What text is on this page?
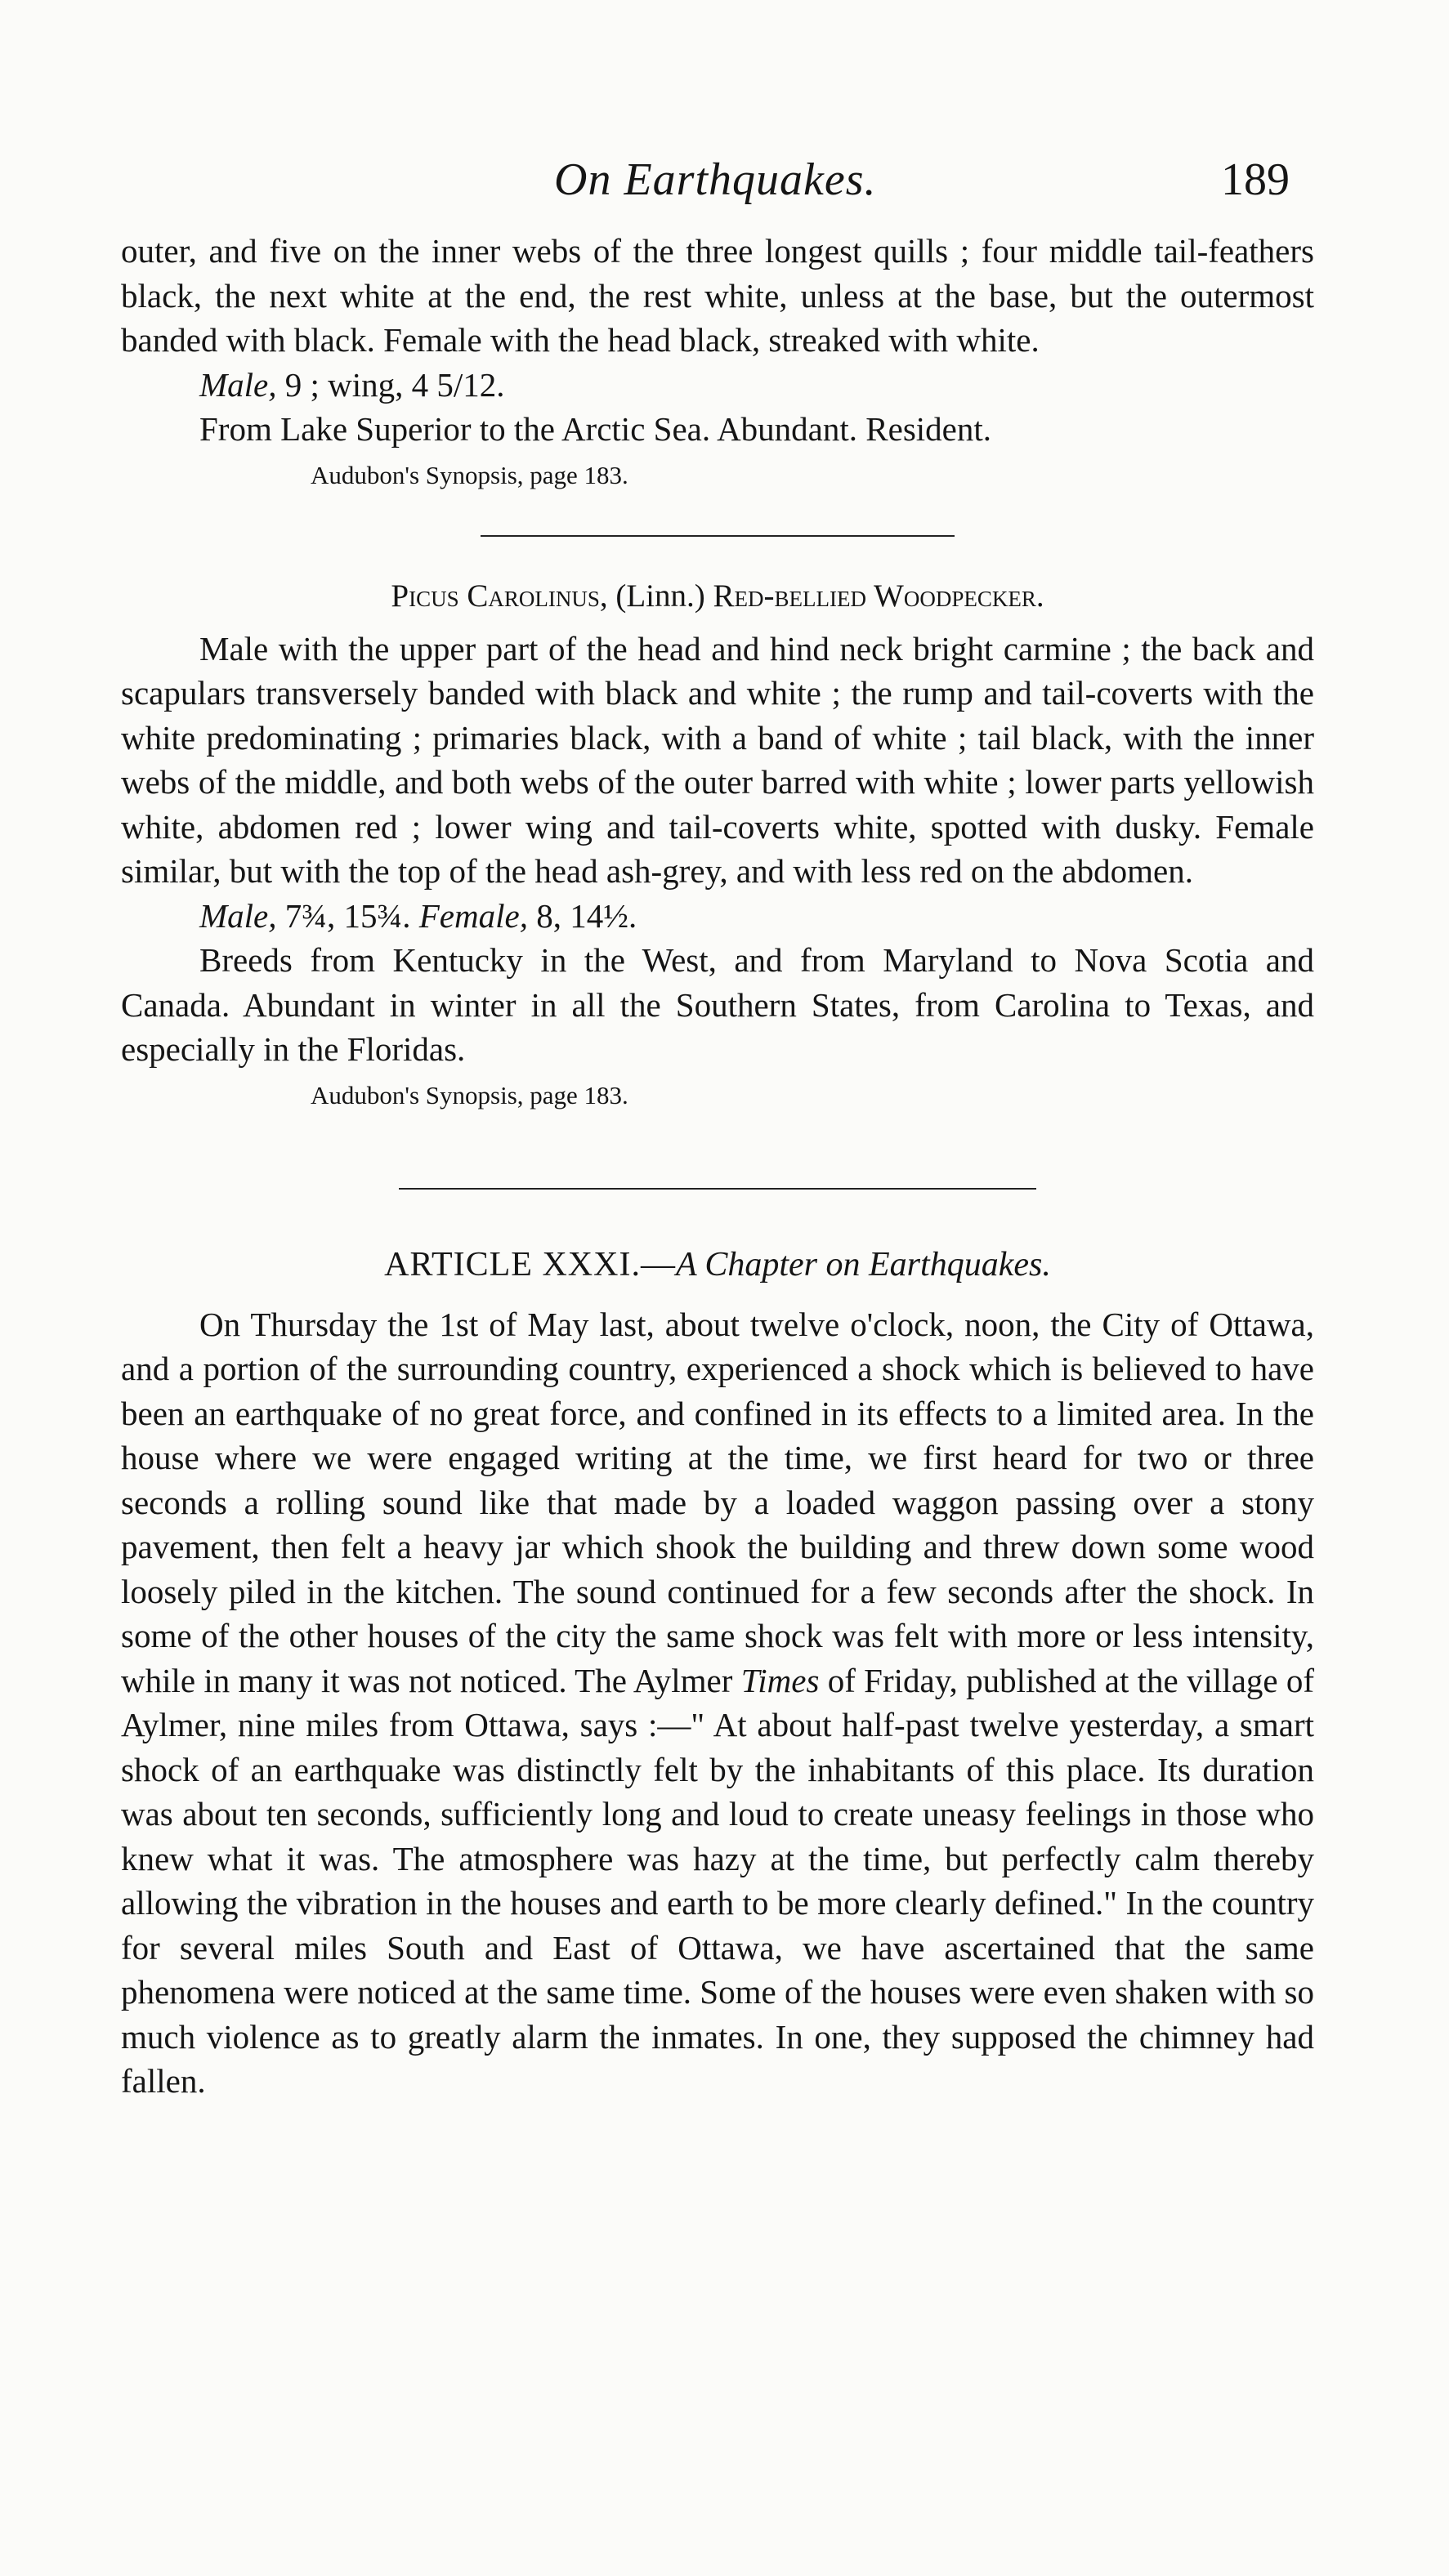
On Earthquakes.	189

outer, and five on the inner webs of the three longest quills ; four middle tail-feathers black, the next white at the end, the rest white, unless at the base, but the outermost banded with black. Female with the head black, streaked with white.

Male, 9 ; wing, 4 5/12.

From Lake Superior to the Arctic Sea. Abundant. Resident.

Audubon's Synopsis, page 183.
Picus Carolinus, (Linn.) Red-bellied Woodpecker.

Male with the upper part of the head and hind neck bright carmine ; the back and scapulars transversely banded with black and white ; the rump and tail-coverts with the white predominating ; primaries black, with a band of white ; tail black, with the inner webs of the middle, and both webs of the outer barred with white ; lower parts yellowish white, abdomen red ; lower wing and tail-coverts white, spotted with dusky. Female similar, but with the top of the head ash-grey, and with less red on the abdomen.

Male, 7¾, 15¾. Female, 8, 14½.

Breeds from Kentucky in the West, and from Maryland to Nova Scotia and Canada. Abundant in winter in all the Southern States, from Carolina to Texas, and especially in the Floridas.

Audubon's Synopsis, page 183.
ARTICLE XXXI.—A Chapter on Earthquakes.

On Thursday the 1st of May last, about twelve o'clock, noon, the City of Ottawa, and a portion of the surrounding country, experienced a shock which is believed to have been an earthquake of no great force, and confined in its effects to a limited area. In the house where we were engaged writing at the time, we first heard for two or three seconds a rolling sound like that made by a loaded waggon passing over a stony pavement, then felt a heavy jar which shook the building and threw down some wood loosely piled in the kitchen. The sound continued for a few seconds after the shock. In some of the other houses of the city the same shock was felt with more or less intensity, while in many it was not noticed. The Aylmer Times of Friday, published at the village of Aylmer, nine miles from Ottawa, says :—" At about half-past twelve yesterday, a smart shock of an earthquake was distinctly felt by the inhabitants of this place. Its duration was about ten seconds, sufficiently long and loud to create uneasy feelings in those who knew what it was. The atmosphere was hazy at the time, but perfectly calm thereby allowing the vibration in the houses and earth to be more clearly defined." In the country for several miles South and East of Ottawa, we have ascertained that the same phenomena were noticed at the same time. Some of the houses were even shaken with so much violence as to greatly alarm the inmates. In one, they supposed the chimney had fallen.
